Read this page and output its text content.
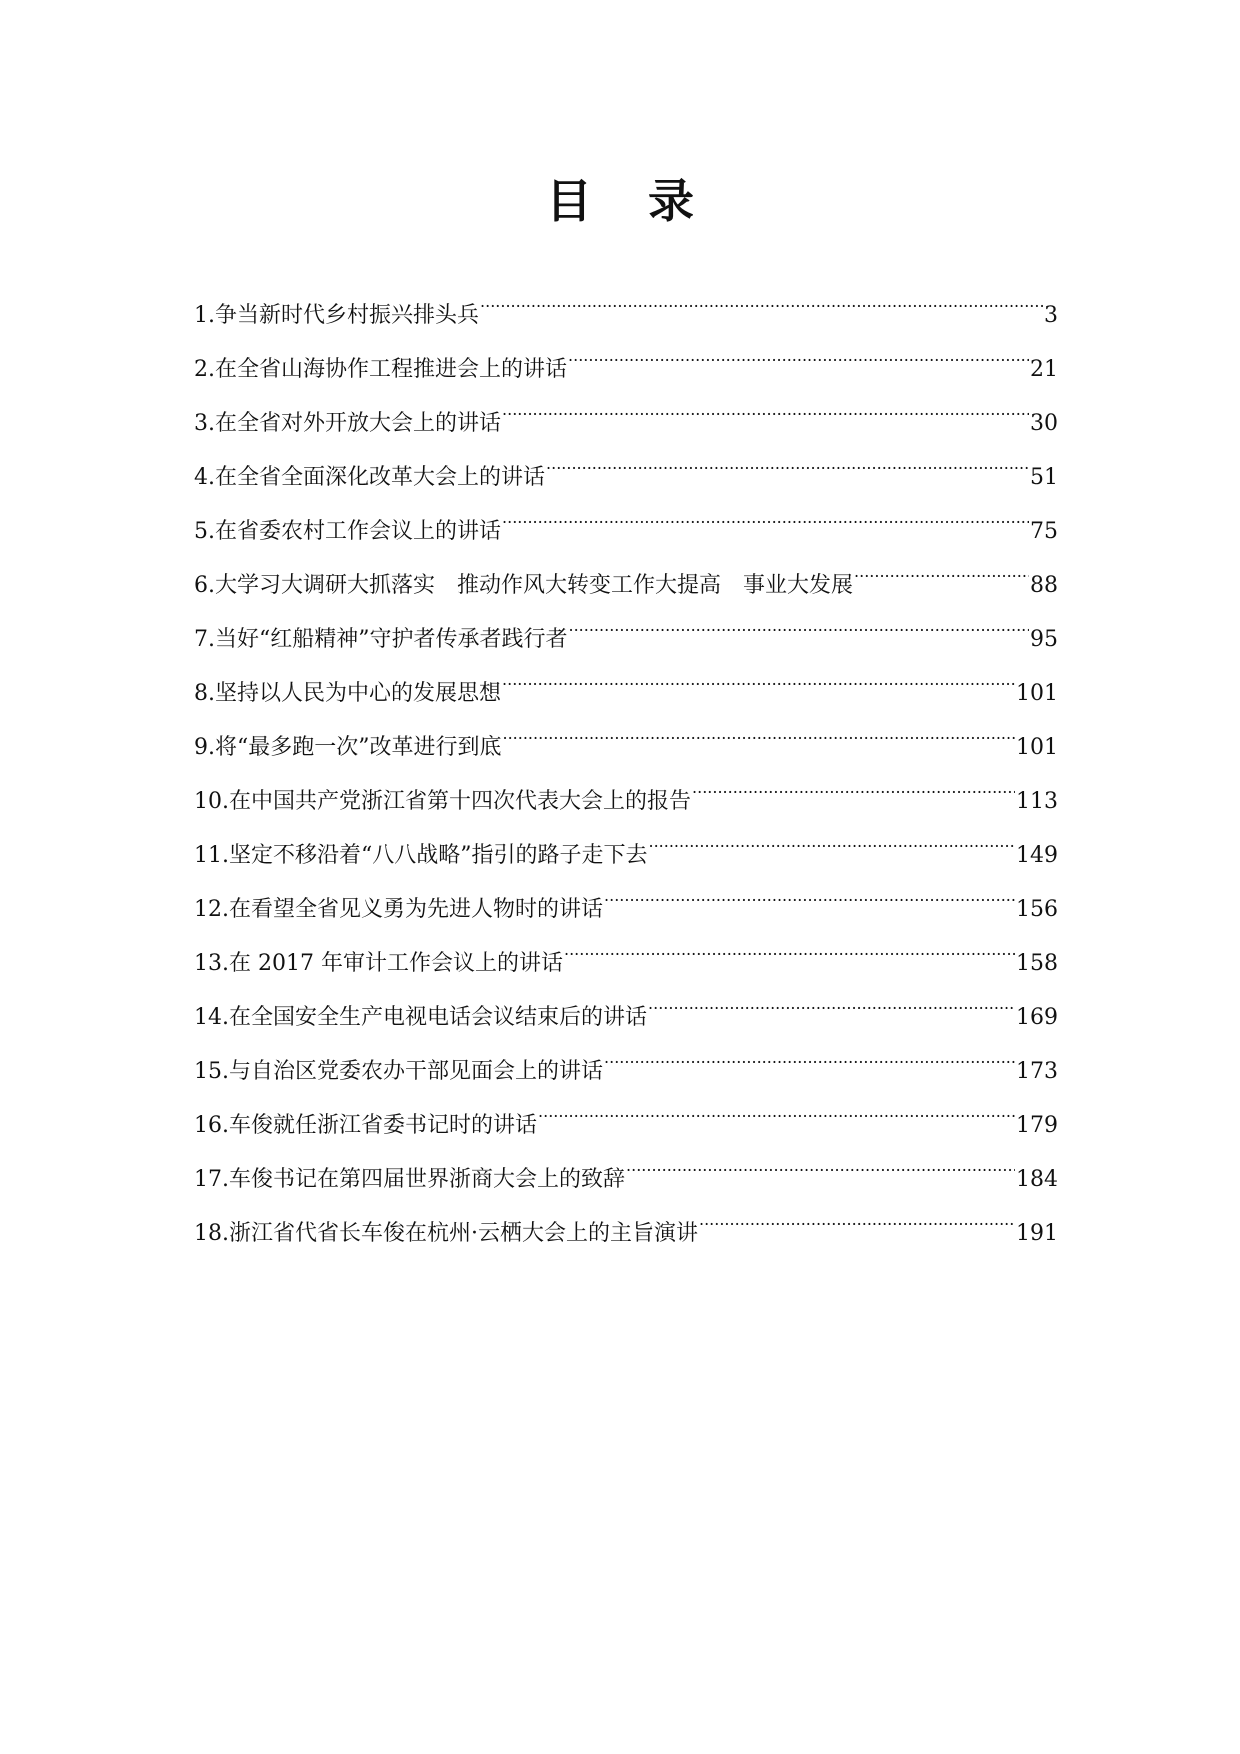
目 录
1. 争当新时代乡村振兴排头兵 .....	3
2. 在全省山海协作工程推进会上的讲话 .....	21
3. 在全省对外开放大会上的讲话 .....	30
4. 在全省全面深化改革大会上的讲话 .....	51
5. 在省委农村工作会议上的讲话 .....	75
6. 大学习大调研大抓落实　推动作风大转变工作大提高　事业大发展 .....	88
7. 当好“红船精神”守护者传承者践行者 .....	95
8. 坚持以人民为中心的发展思想 .....	101
9. 将“最多跑一次”改革进行到底 .....	101
10. 在中国共产党浙江省第十四次代表大会上的报告 .....	113
11. 坚定不移沿着“八八战略”指引的路子走下去 .....	149
12. 在看望全省见义勇为先进人物时的讲话 .....	156
13. 在 2017 年审计工作会议上的讲话 .....	158
14. 在全国安全生产电视电话会议结束后的讲话 .....	169
15. 与自治区党委农办干部见面会上的讲话 .....	173
16. 车俊就任浙江省委书记时的讲话 .....	179
17. 车俊书记在第四届世界浙商大会上的致辞 .....	184
18. 浙江省代省长车俊在杭州·云栖大会上的主旨演讲 .....	191
